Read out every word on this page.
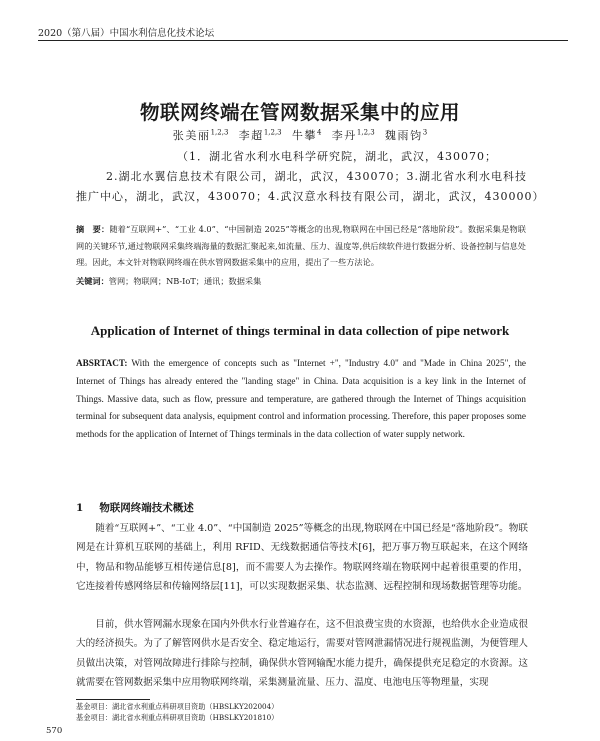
2020（第八届）中国水利信息化技术论坛
物联网终端在管网数据采集中的应用
张美丽$^{1,2,3}$ 李超$^{1,2,3}$ 牛攀$^4$ 李丹$^{1,2,3}$ 魏雨钧$^3$
（1．湖北省水利水电科学研究院，湖北，武汉，430070；
2.湖北水翼信息技术有限公司，湖北，武汉，430070；3.湖北省水利水电科技
推广中心，湖北，武汉，430070；4.武汉意水科技有限公司，湖北，武汉，430000）
摘　要：随着“互联网+”、“工业 4.0”、“中国制造 2025”等概念的出现,物联网在中国已经是“落地阶段”。数据采集是物联网的关键环节,通过物联网采集终端海量的数据汇聚起来,如流量、压力、温度等,供后续软件进行数据分析、设备控制与信息处理。因此，本文针对物联网终端在供水管网数据采集中的应用，提出了一些方法论。
关键词：管网；物联网；NB-IoT；通讯；数据采集
Application of Internet of things terminal in data collection of pipe network
ABSRTACT: With the emergence of concepts such as "Internet +", "Industry 4.0" and "Made in China 2025", the Internet of Things has already entered the "landing stage" in China. Data acquisition is a key link in the Internet of Things. Massive data, such as flow, pressure and temperature, are gathered through the Internet of Things acquisition terminal for subsequent data analysis, equipment control and information processing. Therefore, this paper proposes some methods for the application of Internet of Things terminals in the data collection of water supply network.
1 物联网终端技术概述
随着“互联网+”、“工业 4.0”、“中国制造 2025”等概念的出现,物联网在中国已经是“落地阶段”。物联网是在计算机互联网的基础上，利用 RFID、无线数据通信等技术[6]，把万事万物互联起来，在这个网络中，物品和物品能够互相传递信息[8]，而不需要人为去操作。物联网终端在物联网中起着很重要的作用，它连接着传感网络层和传输网络层[11]，可以实现数据采集、状态监测、远程控制和现场数据管理等功能。
目前，供水管网漏水现象在国内外供水行业普遍存在，这不但浪费宝贵的水资源，也给供水企业造成很大的经济损失。为了了解管网供水是否安全、稳定地运行，需要对管网泄漏情况进行规视监测，为便管理人员做出决策，对管网故障进行排除与控制，确保供水管网输配水能力提升，确保提供充足稳定的水资源。这就需要在管网数据采集中应用物联网终端，采集测量流量、压力、温度、电池电压等物理量，实现
基金项目：湖北省水利重点科研项目资助（HBSLKY202004）
基金项目：湖北省水利重点科研项目资助（HBSLKY201810）
570
